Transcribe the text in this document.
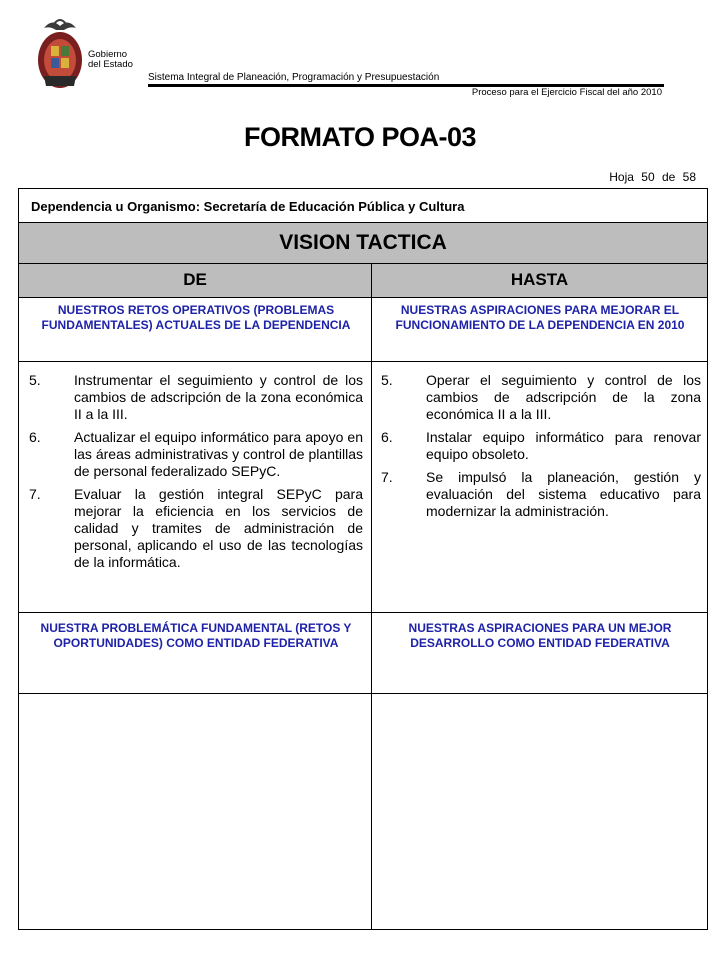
Gobierno
del Estado
Sistema Integral de Planeación, Programación y Presupuestación
Proceso para el Ejercicio Fiscal del año 2010
FORMATO POA-03
Hoja 50 de 58
Dependencia u Organismo: Secretaría de Educación Pública y Cultura
VISION TACTICA
DE	HASTA
NUESTROS RETOS OPERATIVOS (PROBLEMAS FUNDAMENTALES) ACTUALES DE LA DEPENDENCIA
NUESTRAS ASPIRACIONES PARA MEJORAR EL FUNCIONAMIENTO DE LA DEPENDENCIA EN 2010
5. Instrumentar el seguimiento y control de los cambios de adscripción de la zona económica II a la III.
6. Actualizar el equipo informático para apoyo en las áreas administrativas y control de plantillas de personal federalizado SEPyC.
7. Evaluar la gestión integral SEPyC para mejorar la eficiencia en los servicios de calidad y tramites de administración de personal, aplicando el uso de las tecnologías de la informática.
5. Operar el seguimiento y control de los cambios de adscripción de la zona económica II a la III.
6. Instalar equipo informático para renovar equipo obsoleto.
7. Se impulsó la planeación, gestión y evaluación del sistema educativo para modernizar la administración.
NUESTRA PROBLEMÁTICA FUNDAMENTAL (RETOS Y OPORTUNIDADES) COMO ENTIDAD FEDERATIVA
NUESTRAS ASPIRACIONES PARA UN MEJOR DESARROLLO COMO ENTIDAD FEDERATIVA
